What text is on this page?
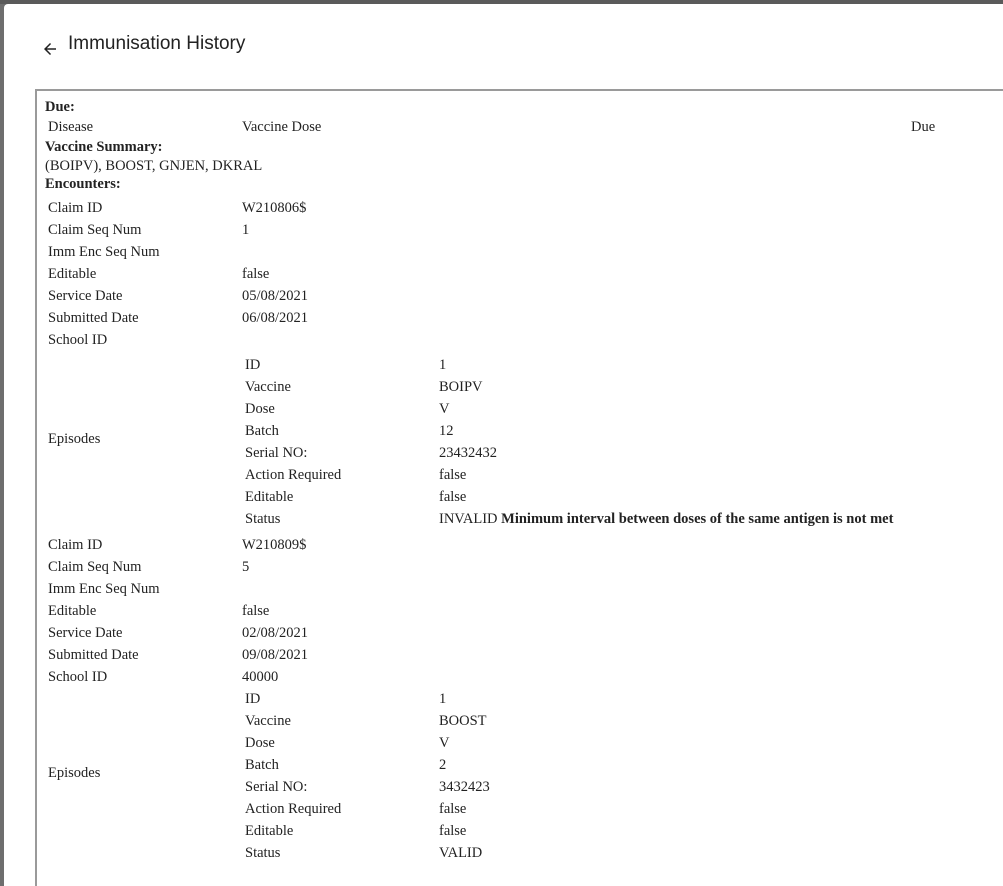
Immunisation History
Due:
Disease	Vaccine Dose	Due
Vaccine Summary:
(BOIPV), BOOST, GNJEN, DKRAL
Encounters:
Claim ID	W210806$
Claim Seq Num	1
Imm Enc Seq Num
Editable	false
Service Date	05/08/2021
Submitted Date	06/08/2021
School ID
Episodes
ID	1
Vaccine	BOIPV
Dose	V
Batch	12
Serial NO:	23432432
Action Required	false
Editable	false
Status	INVALID Minimum interval between doses of the same antigen is not met
Claim ID	W210809$
Claim Seq Num	5
Imm Enc Seq Num
Editable	false
Service Date	02/08/2021
Submitted Date	09/08/2021
School ID	40000
Episodes
ID	1
Vaccine	BOOST
Dose	V
Batch	2
Serial NO:	3432423
Action Required	false
Editable	false
Status	VALID
